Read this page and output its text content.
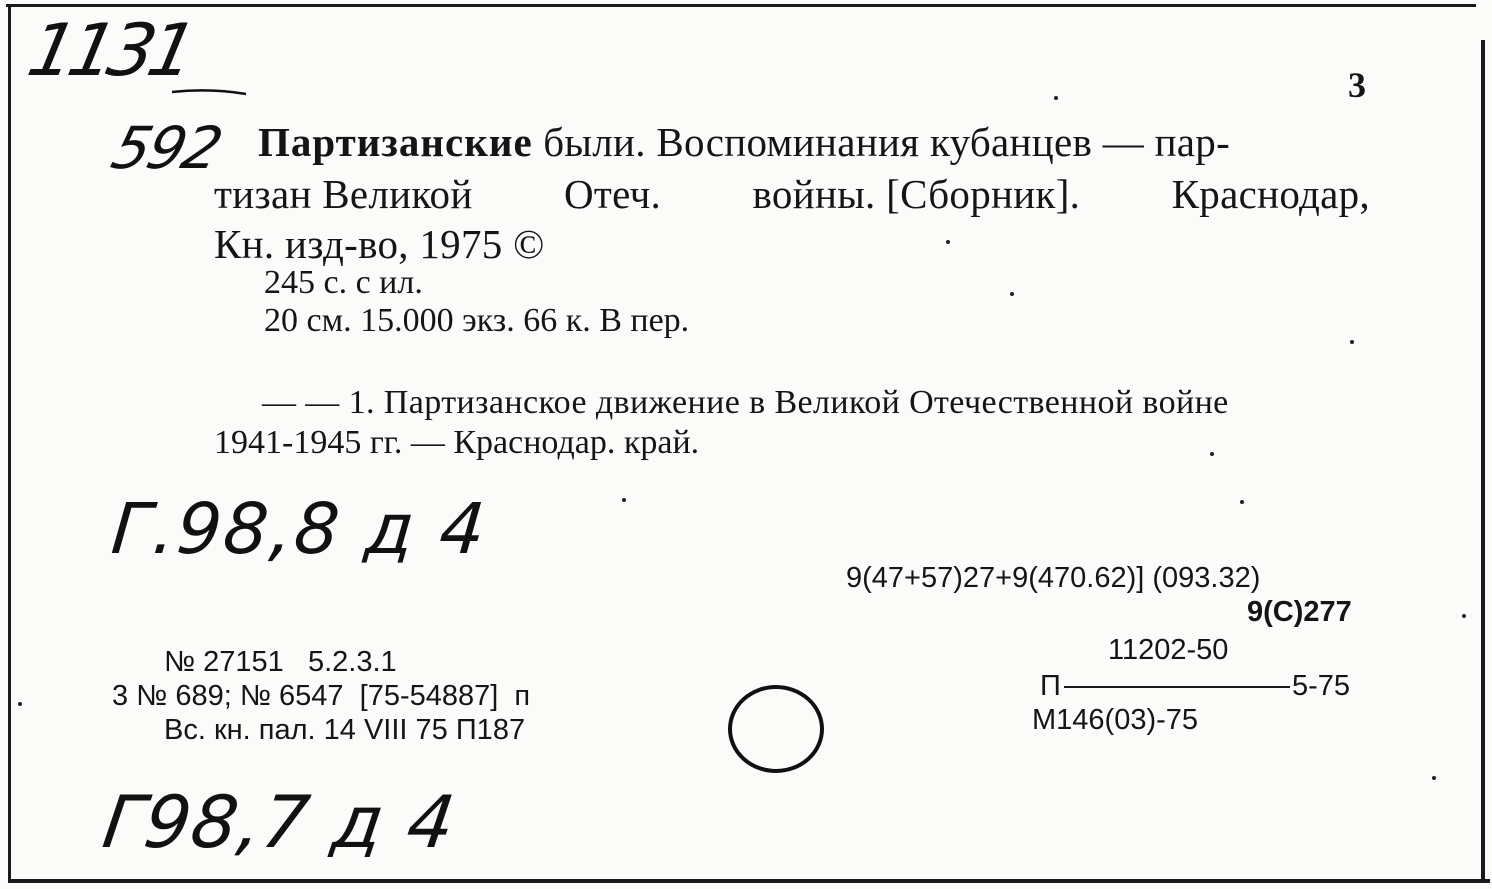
1131
592
3
Партизанские были. Воспоминания кубанцев — пар-
тизан Великой Отеч. войны. [Сборник]. Краснодар,
Кн. изд-во, 1975 ©
245 с. с ил.
20 см. 15.000 экз. 66 к. В пер.
— — 1. Партизанское движение в Великой Отечественной войне
1941-1945 гг. — Краснодар. край.
Г.98,8 д 4
9(47+57)27+9(470.62)] (093.32)
9(С)277
11202-50
П	5-75
М146(03)-75
№ 27151   5.2.3.1
3 № 689; № 6547  [75-54887]  п
Вс. кн. пал. 14 VIII 75 П187
Г98,7 д 4
